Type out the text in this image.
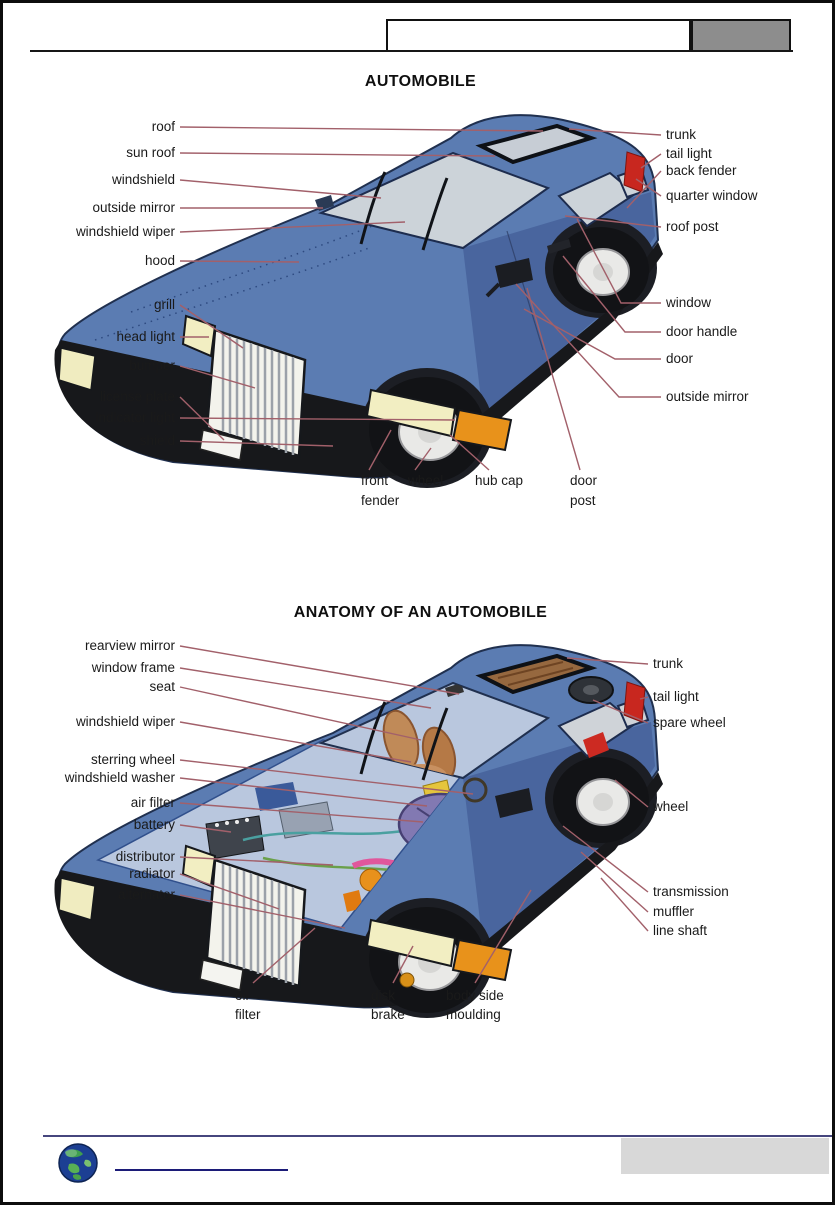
AUTOMOBILE
roof
sun roof
windshield
outside mirror
windshield wiper
hood
grill
head light
bumper
license plate
indicator light
shield
trunk
tail light
back fender
quarter window
roof post
window
door handle
door
outside mirror
front
fender
wheel hub cap	door
post
ANATOMY OF AN AUTOMOBILE
rearview mirror
window frame
seat
windshield wiper
sterring wheel
windshield washer
air filter
battery
distributor
radiator
alternator
trunk
tail light
spare wheel
wheel
transmission
muffler
line shaft
oil
filter
disk
brake
body side
moulding
